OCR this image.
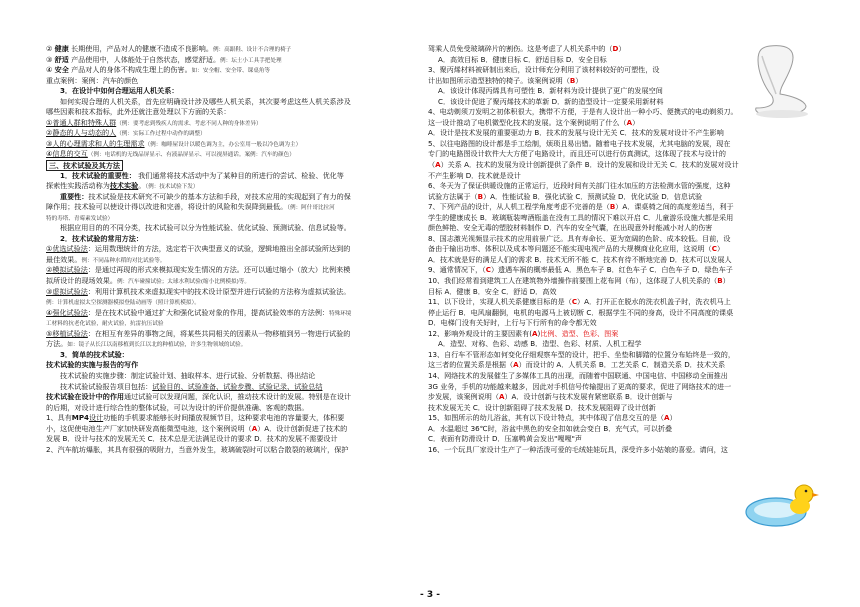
② 健康 长期使用，产品对人的健康不造成不良影响。例：高跟鞋、设计不合理的椅子
③ 舒适 产品使用中，人体能处于自然状态，感觉舒适。例：坛土小工具手把处理
④ 安全 产品对人的身体不构成生理上的伤害。如：安全帽、安全带、课桌角等
重点案例：案例：汽车的颜色
3．在设计中如何合理运用人机关系：
如何实现合理的人机关系，首先应明确设计涉及哪些人机关系，其次要考虑这些人机关系涉及
哪些因素和技术指标，此外还就注意处理以下方面的关系：
①普通人群和特殊人群（例：要考虑到残疾人的需求、考虑不同人种的身体差异）
②静态的人与动态的人（例：实际工作过程中动作的调整）
③人的心理需求和人的生理需求（例：咖啡屋设计以暖色调为主，办公室用一般以冷色调为主）
④信息的交互（例：电话机的无线品屏显示、有液晶屏显示、可以视屏通话。案例：汽车的颜色）
三、技术试验及其方法
1．技术试验的重要性： 我们通常将技术活动中为了某种目的所进行的尝试、检验、优化等
探索性实践活动称为技术实验。（例：技术试验下发）
重要性：技术试验是技术研究不可缺少的基本方法和手段，对技术应用的实现起到了有力的保
障作用；技术验可以使设计得以改进和完善，将设计的风险和失误降到最低。（例：阿什哥比拉河
特的寿塔、青霉素发试验）
根据应用目的的不同分类，技术试验可以分为性能试验、优化试验、预测试验、信息试验等。
2．技术试验的常用方法：
①优选试验法：运用数理统计的方法，选定若干次典型意义的试验，逻辑地推出全部试验所达到的
最佳效果。例：不同品种水稻的对比试验等。
②模拟试验法：是通过再现的形式来模拟现实发生情况的方法。还可以通过缩小（放大）比例来模
拟所设计的现场效果。例：汽车碰撞试验；太球水利试验(缩小比例模拟)等。
③虚拟试验法：利用计算机技术来虚拟现实中的技术设计原型并进行试验的方法称为虚拟试验法。
例：计算机虚拟太空探测器模拟登陆动画等（照计算机模拟）。
④强化试验法：是在技术试验中通过扩大和强化试验对象的作用，提高试验效率的方法例：特殊环境
工材料的抗老化试验，耐火试验，抗雷抗压试验
⑤移植试验法：在相互有差异的事物之间，将某些共同相关的因素从一物移植到另一物进行试验的
方法。如：镜子从长江以南移植到长江以北的种植试验，许多生物领域的试验。
3．简单的技术试验：
技术试验的实施与报告的写作
技术试验的实施步骤：制定试验计划、抽取样本、进行试验、分析数据、得出结论
技术试验试验报告项目包括：试验目的、试验准备、试验步骤、试验记录、试验总结
技术试验在设计中的作用通过试验可以发现问题，深化认识，推动技术设计的发展。特别是在设计
的后期，对设计进行综合性的整体试验，可以为设计的评价提供准确、客观的数据。
1、具有MP4设计功能的手机要求能够长时间播放视频节目，这种要求电池的容量要大，体积要
小，这促使电池生产厂家加快研发高能微型电池，这个案例说明（A）A．设计创新促进了技术的
发展 B．设计与技术的发展无关 C．技术总是无法满足设计的要求 D．技术的发展不需要设计
2、汽车航坊爆胀，其具有很强的吸附力，当意外发生，玻璃破裂时可以粘合散裂的玻璃片，保护
驾乘人员免受玻璃碎片的割伤。这是考虑了人机关系中的（D）
A．高效目标 B．健康目标 C．舒适目标 D．安全目标
3、聚丙烯材料被研制出来后，设计师充分利用了该材料较好的可塑性，设
计出如图所示造型独特的椅子。该案例说明（B）
A．该设计体现丙烯具有可塑性 B．新材料为设计提供了更广的发展空间
C．该设计促进了聚丙烯技术的革新 D．新的造型设计一定要采用新材料
4、电动剃须刀发明之初体积很大，携带不方便，于是有人设计出一种小巧、便携式的电动剃须刀。
这一设计推动了电机微型化技术的发展。这个案例说明了什么（A）
A．设计是技术发展的重要驱动力 B．技术的发展与设计无关 C．技术的发展对设计不产生影响
5、以往电路图的设计都是手工绘制，烦琐且易出错。随着电子技术发展，尤其电脑的发展，现在
专门的电路图设计软件大大方便了电路设计，而且还可以进行仿真测试，这体现了技术与设计的
（A）关系 A．技术的发展为设计创新提供了条件 B．设计的发展和设计无关 C．技术的发展对设计
不产生影响 D．技术就是设计
6、冬天为了保证供暖设施的正常运行，近段时间有关部门往水加压的方法检测水管的强度，这种
试验方法属于（B）A．性能试验 B．强化试验 C．预测试验 D．优化试验 D．信息试验
7、下列产品的设计，从人机工程学角度考虑不完善的是（B）A．课桌椅之间的高度差适当，利于
学生的健康成长 B．玻璃瓶装啤酒瓶盖在没有工具的情况下难以开启 C．儿童游乐设施大都是采用
颜色鲜艳、安全无毒的塑胶材料制作 D．汽车的安全气囊，在出现意外时能减小对人的伤害
8、国志激光视频显示技术的应用前景广泛。具有寿命长、更为宽阔的色阶、成本较低。目前，设
备由于输出功率、体积以及成本等问题还不能实现电视产品的大规模商业化应用，这说明（C）
A．技术就是好的满足人们的需求 B．技术无所不能 C．技术有待不断地完善 D．技术可以发展人
9、通常情况下，（C）遗遇车祸的概率最低 A．黑色车子 B．红色车子 C．白色车子 D．绿色车子
10、我们经常看到建筑工人在建筑物外墙操作前要围上花布网（布），这体现了人机关系的（B）
目标 A．健康 B．安全 C．舒适 D．高效
11、以下设计，实现人机关系健康目标的是（C）A．打开正在脱水的洗衣机盖子时，洗衣机马上
停止运行 B．电风扇翻倒，电机的电源马上被切断 C．根据学生不同的身高，设计不同高度的课桌
D．电梯门没有关好时，上行与下行所有的命令都无效
12、影响外观设计的主要因素有(A)比例、造型、色彩、图案
A．造型、对称、色彩、动感 B．造型、色彩、材质、人机工程学
13、自行车不管形态如何变化仔细观察车型的设计，把手、坐垫和脚踏的位置分布始终是一致的，
这三者的位置关系是根据（A）而设计的 A．人机关系 B．工艺关系 C．制造关系 D．技术关系
14、网络技术的发展催生了多媒体工具的出现，而随着中国联通、中国电信、中国移动全面推出
3G 业务，手机的功能越来越多，因此对手机信号传输提出了更高的要求，促进了网络技术的进一
步发展，该案例说明（A）A．设计创新与技术发展有紧密联系 B．设计创新与
技术发展无关 C．设计创新阻碍了技术发展 D．技术发展阻碍了设计创新
15、如图所示的幼儿浴盆，其有以下设计特点，其中体现了信息交互的是（A）
A．水温超过 36℃时，浴盆中黑色的安全扣如就会变白 B．充气式，可以折叠
C．表面有防滑设计 D．压塞鸭黄会发出"嘎嘎"声
16、一个玩具厂家设计生产了一种活泼可爱的毛绒娃娃玩具，深受许多小姑娘的喜爱。请问，这
- 3 -
